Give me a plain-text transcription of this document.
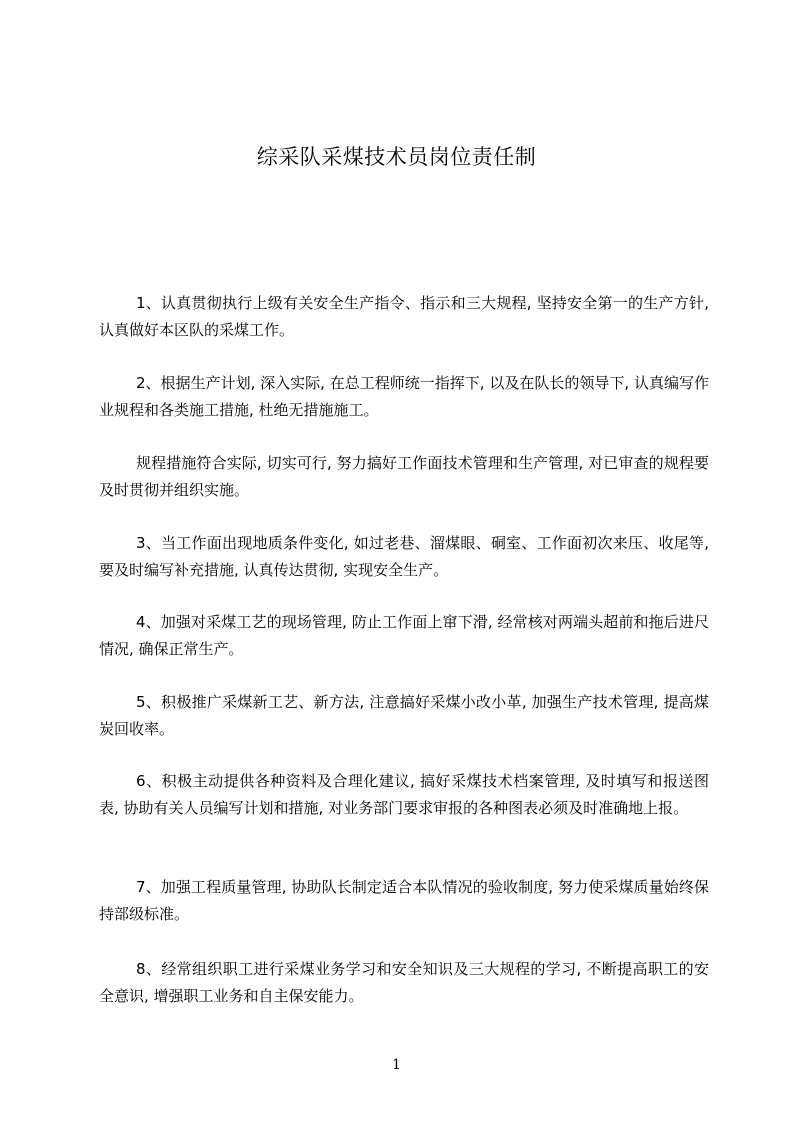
综采队采煤技术员岗位责任制

1、认真贯彻执行上级有关安全生产指令、指示和三大规程, 坚持安全第一的生产方针, 认真做好本区队的采煤工作。

2、根据生产计划, 深入实际, 在总工程师统一指挥下, 以及在队长的领导下, 认真编写作业规程和各类施工措施, 杜绝无措施施工。

规程措施符合实际, 切实可行, 努力搞好工作面技术管理和生产管理, 对已审查的规程要及时贯彻并组织实施。

3、当工作面出现地质条件变化, 如过老巷、溜煤眼、硐室、工作面初次来压、收尾等, 要及时编写补充措施, 认真传达贯彻, 实现安全生产。

4、加强对采煤工艺的现场管理, 防止工作面上窜下滑, 经常核对两端头超前和拖后进尺情况, 确保正常生产。

5、积极推广采煤新工艺、新方法, 注意搞好采煤小改小革, 加强生产技术管理, 提高煤炭回收率。

6、积极主动提供各种资料及合理化建议, 搞好采煤技术档案管理, 及时填写和报送图表, 协助有关人员编写计划和措施, 对业务部门要求审报的各种图表必须及时准确地上报。

7、加强工程质量管理, 协助队长制定适合本队情况的验收制度, 努力使采煤质量始终保持部级标准。

8、经常组织职工进行采煤业务学习和安全知识及三大规程的学习, 不断提高职工的安全意识, 增强职工业务和自主保安能力。

1
